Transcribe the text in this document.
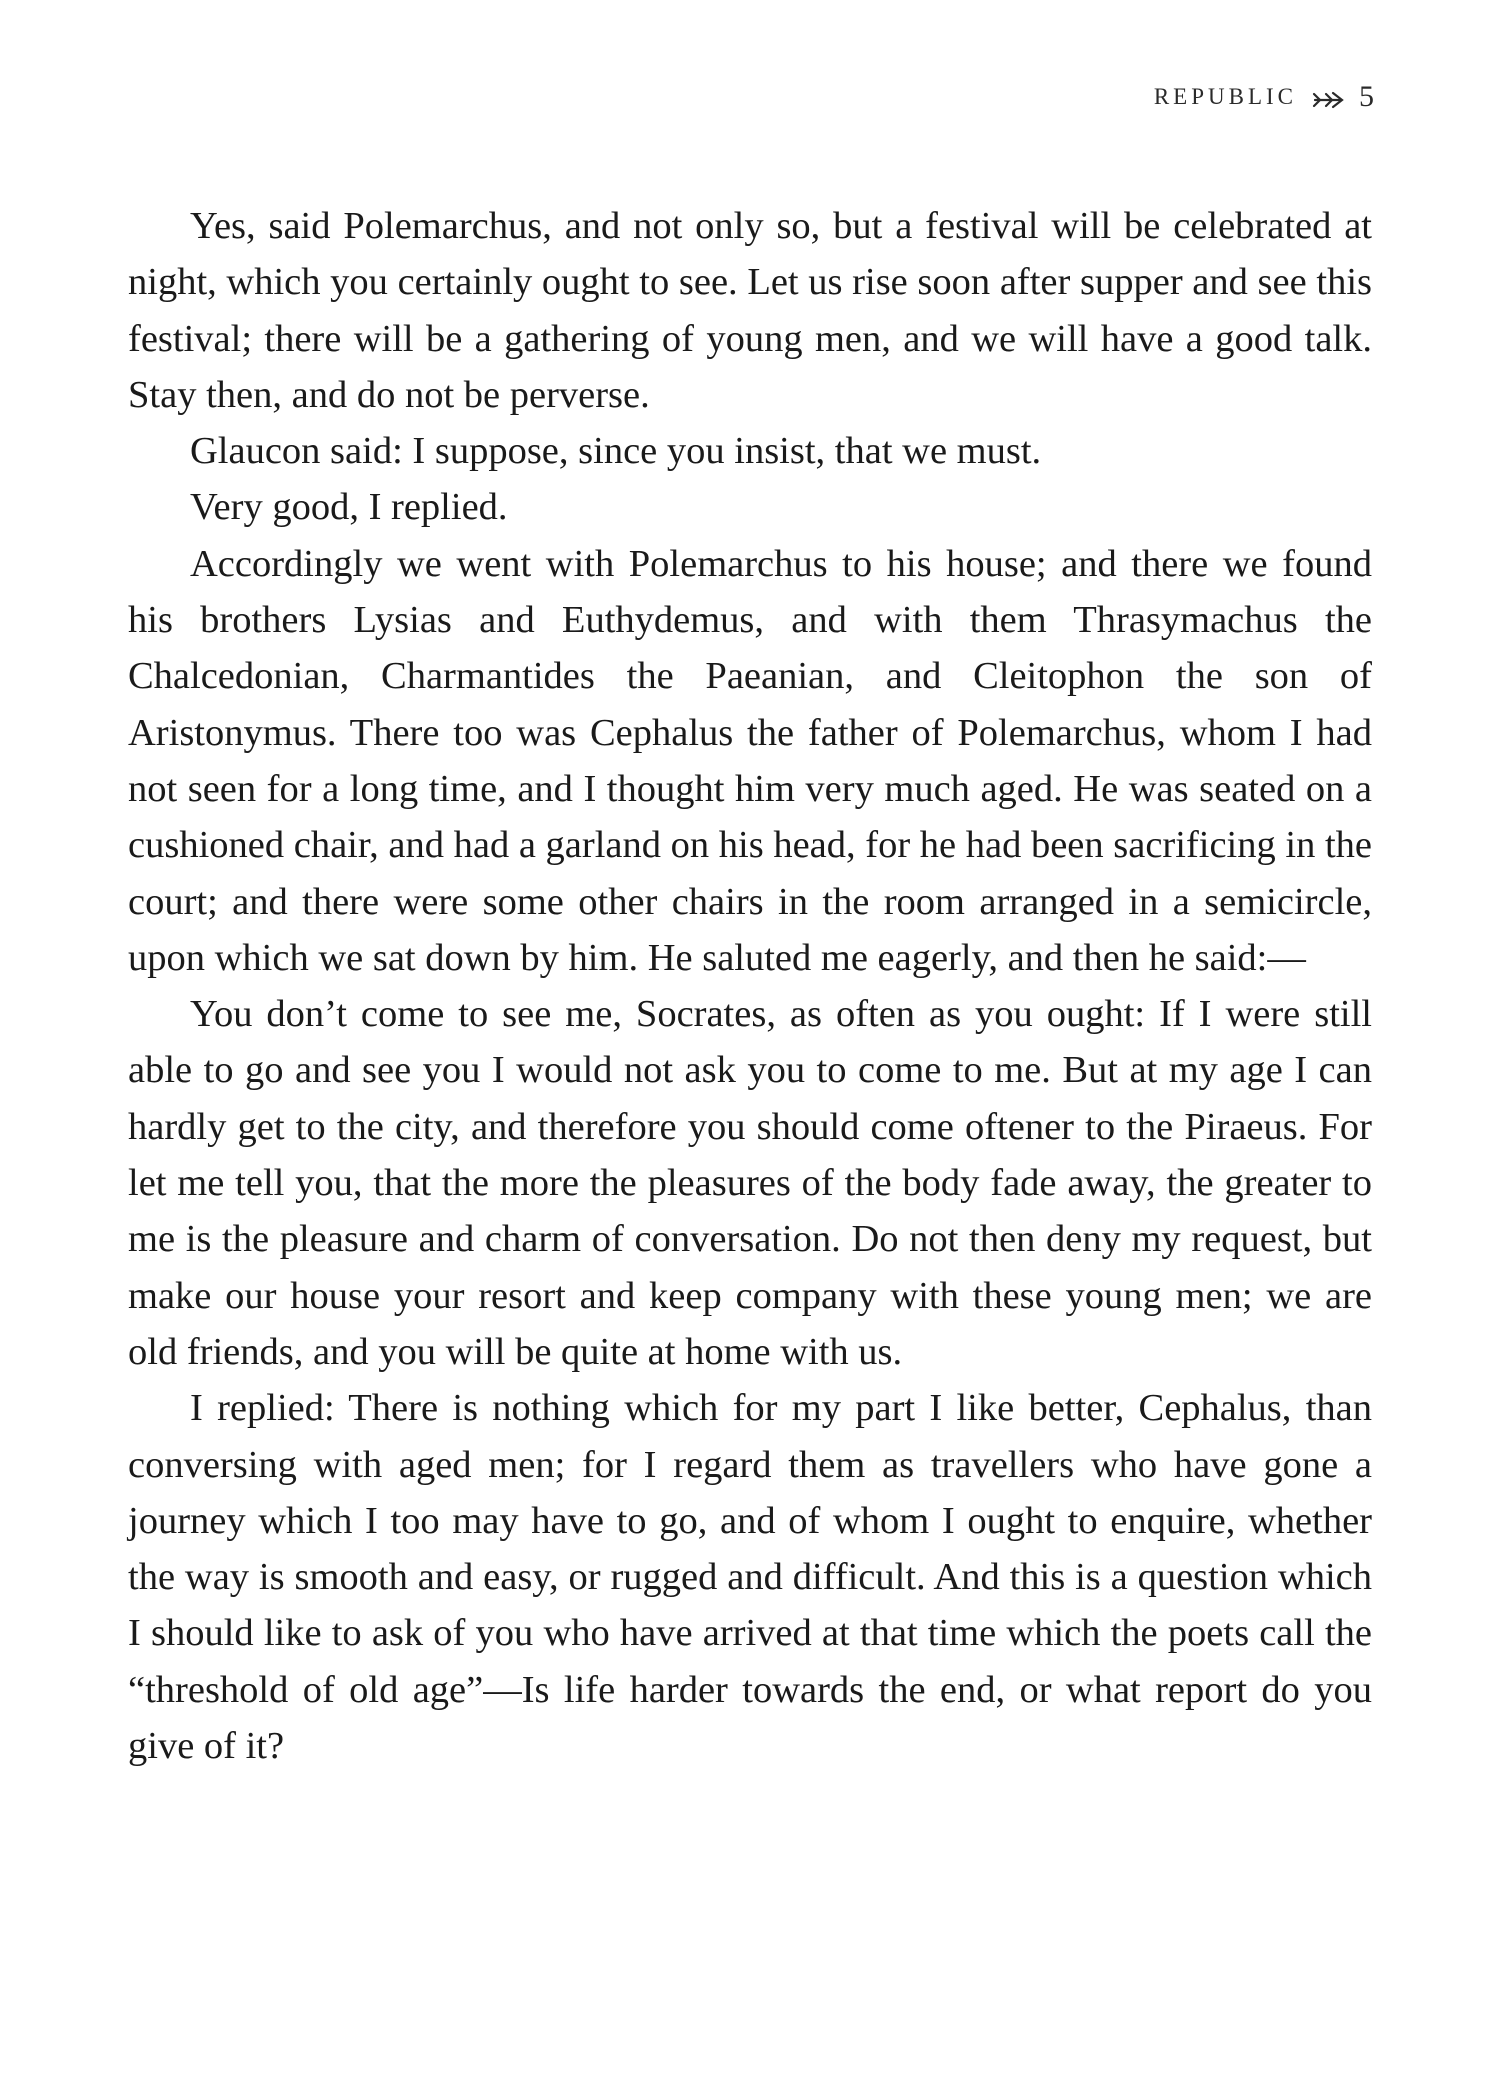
REPUBLIC 5

Yes, said Polemarchus, and not only so, but a festival will be celebrated at night, which you certainly ought to see. Let us rise soon after supper and see this festival; there will be a gathering of young men, and we will have a good talk. Stay then, and do not be perverse.

Glaucon said: I suppose, since you insist, that we must.

Very good, I replied.

Accordingly we went with Polemarchus to his house; and there we found his brothers Lysias and Euthydemus, and with them Thrasymachus the Chalcedonian, Charmantides the Paeanian, and Cleitophon the son of Aristonymus. There too was Cephalus the father of Polemarchus, whom I had not seen for a long time, and I thought him very much aged. He was seated on a cushioned chair, and had a garland on his head, for he had been sacrificing in the court; and there were some other chairs in the room arranged in a semicircle, upon which we sat down by him. He saluted me eagerly, and then he said:—

You don’t come to see me, Socrates, as often as you ought: If I were still able to go and see you I would not ask you to come to me. But at my age I can hardly get to the city, and therefore you should come oftener to the Piraeus. For let me tell you, that the more the pleasures of the body fade away, the greater to me is the pleasure and charm of conversation. Do not then deny my request, but make our house your resort and keep company with these young men; we are old friends, and you will be quite at home with us.

I replied: There is nothing which for my part I like better, Cephalus, than conversing with aged men; for I regard them as travellers who have gone a journey which I too may have to go, and of whom I ought to enquire, whether the way is smooth and easy, or rugged and difficult. And this is a question which I should like to ask of you who have arrived at that time which the poets call the “threshold of old age”—Is life harder towards the end, or what report do you give of it?
